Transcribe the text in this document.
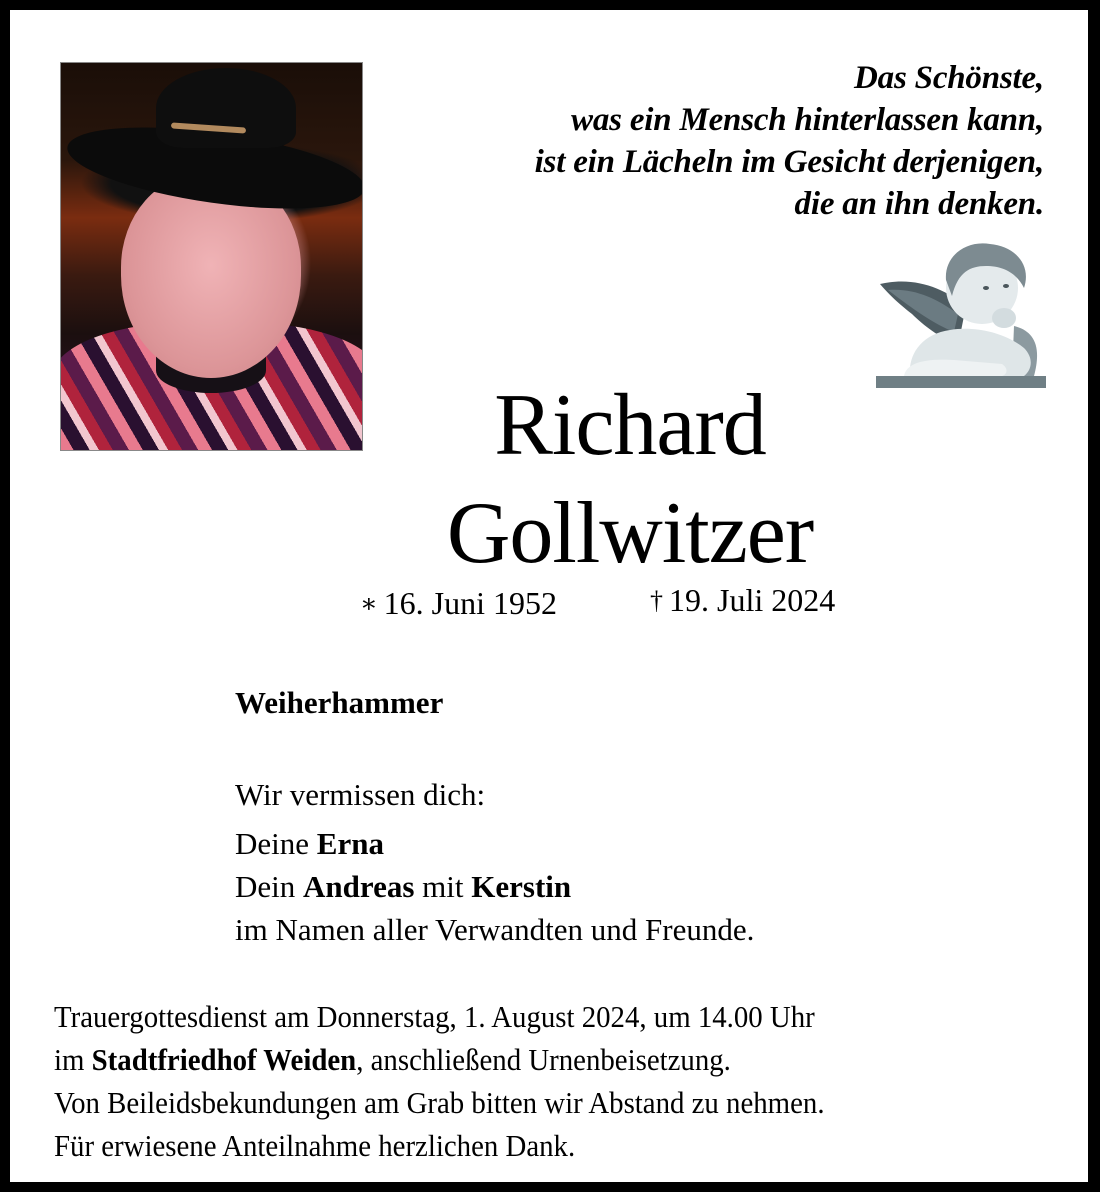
Das Schönste,
was ein Mensch hinterlassen kann,
ist ein Lächeln im Gesicht derjenigen,
die an ihn denken.
Richard
Gollwitzer
∗ 16. Juni 1952	† 19. Juli 2024
Weiherhammer
Wir vermissen dich:
Deine Erna
Dein Andreas mit Kerstin
im Namen aller Verwandten und Freunde.
Trauergottesdienst am Donnerstag, 1. August 2024, um 14.00 Uhr
im Stadtfriedhof Weiden, anschließend Urnenbeisetzung.
Von Beileidsbekundungen am Grab bitten wir Abstand zu nehmen.
Für erwiesene Anteilnahme herzlichen Dank.
